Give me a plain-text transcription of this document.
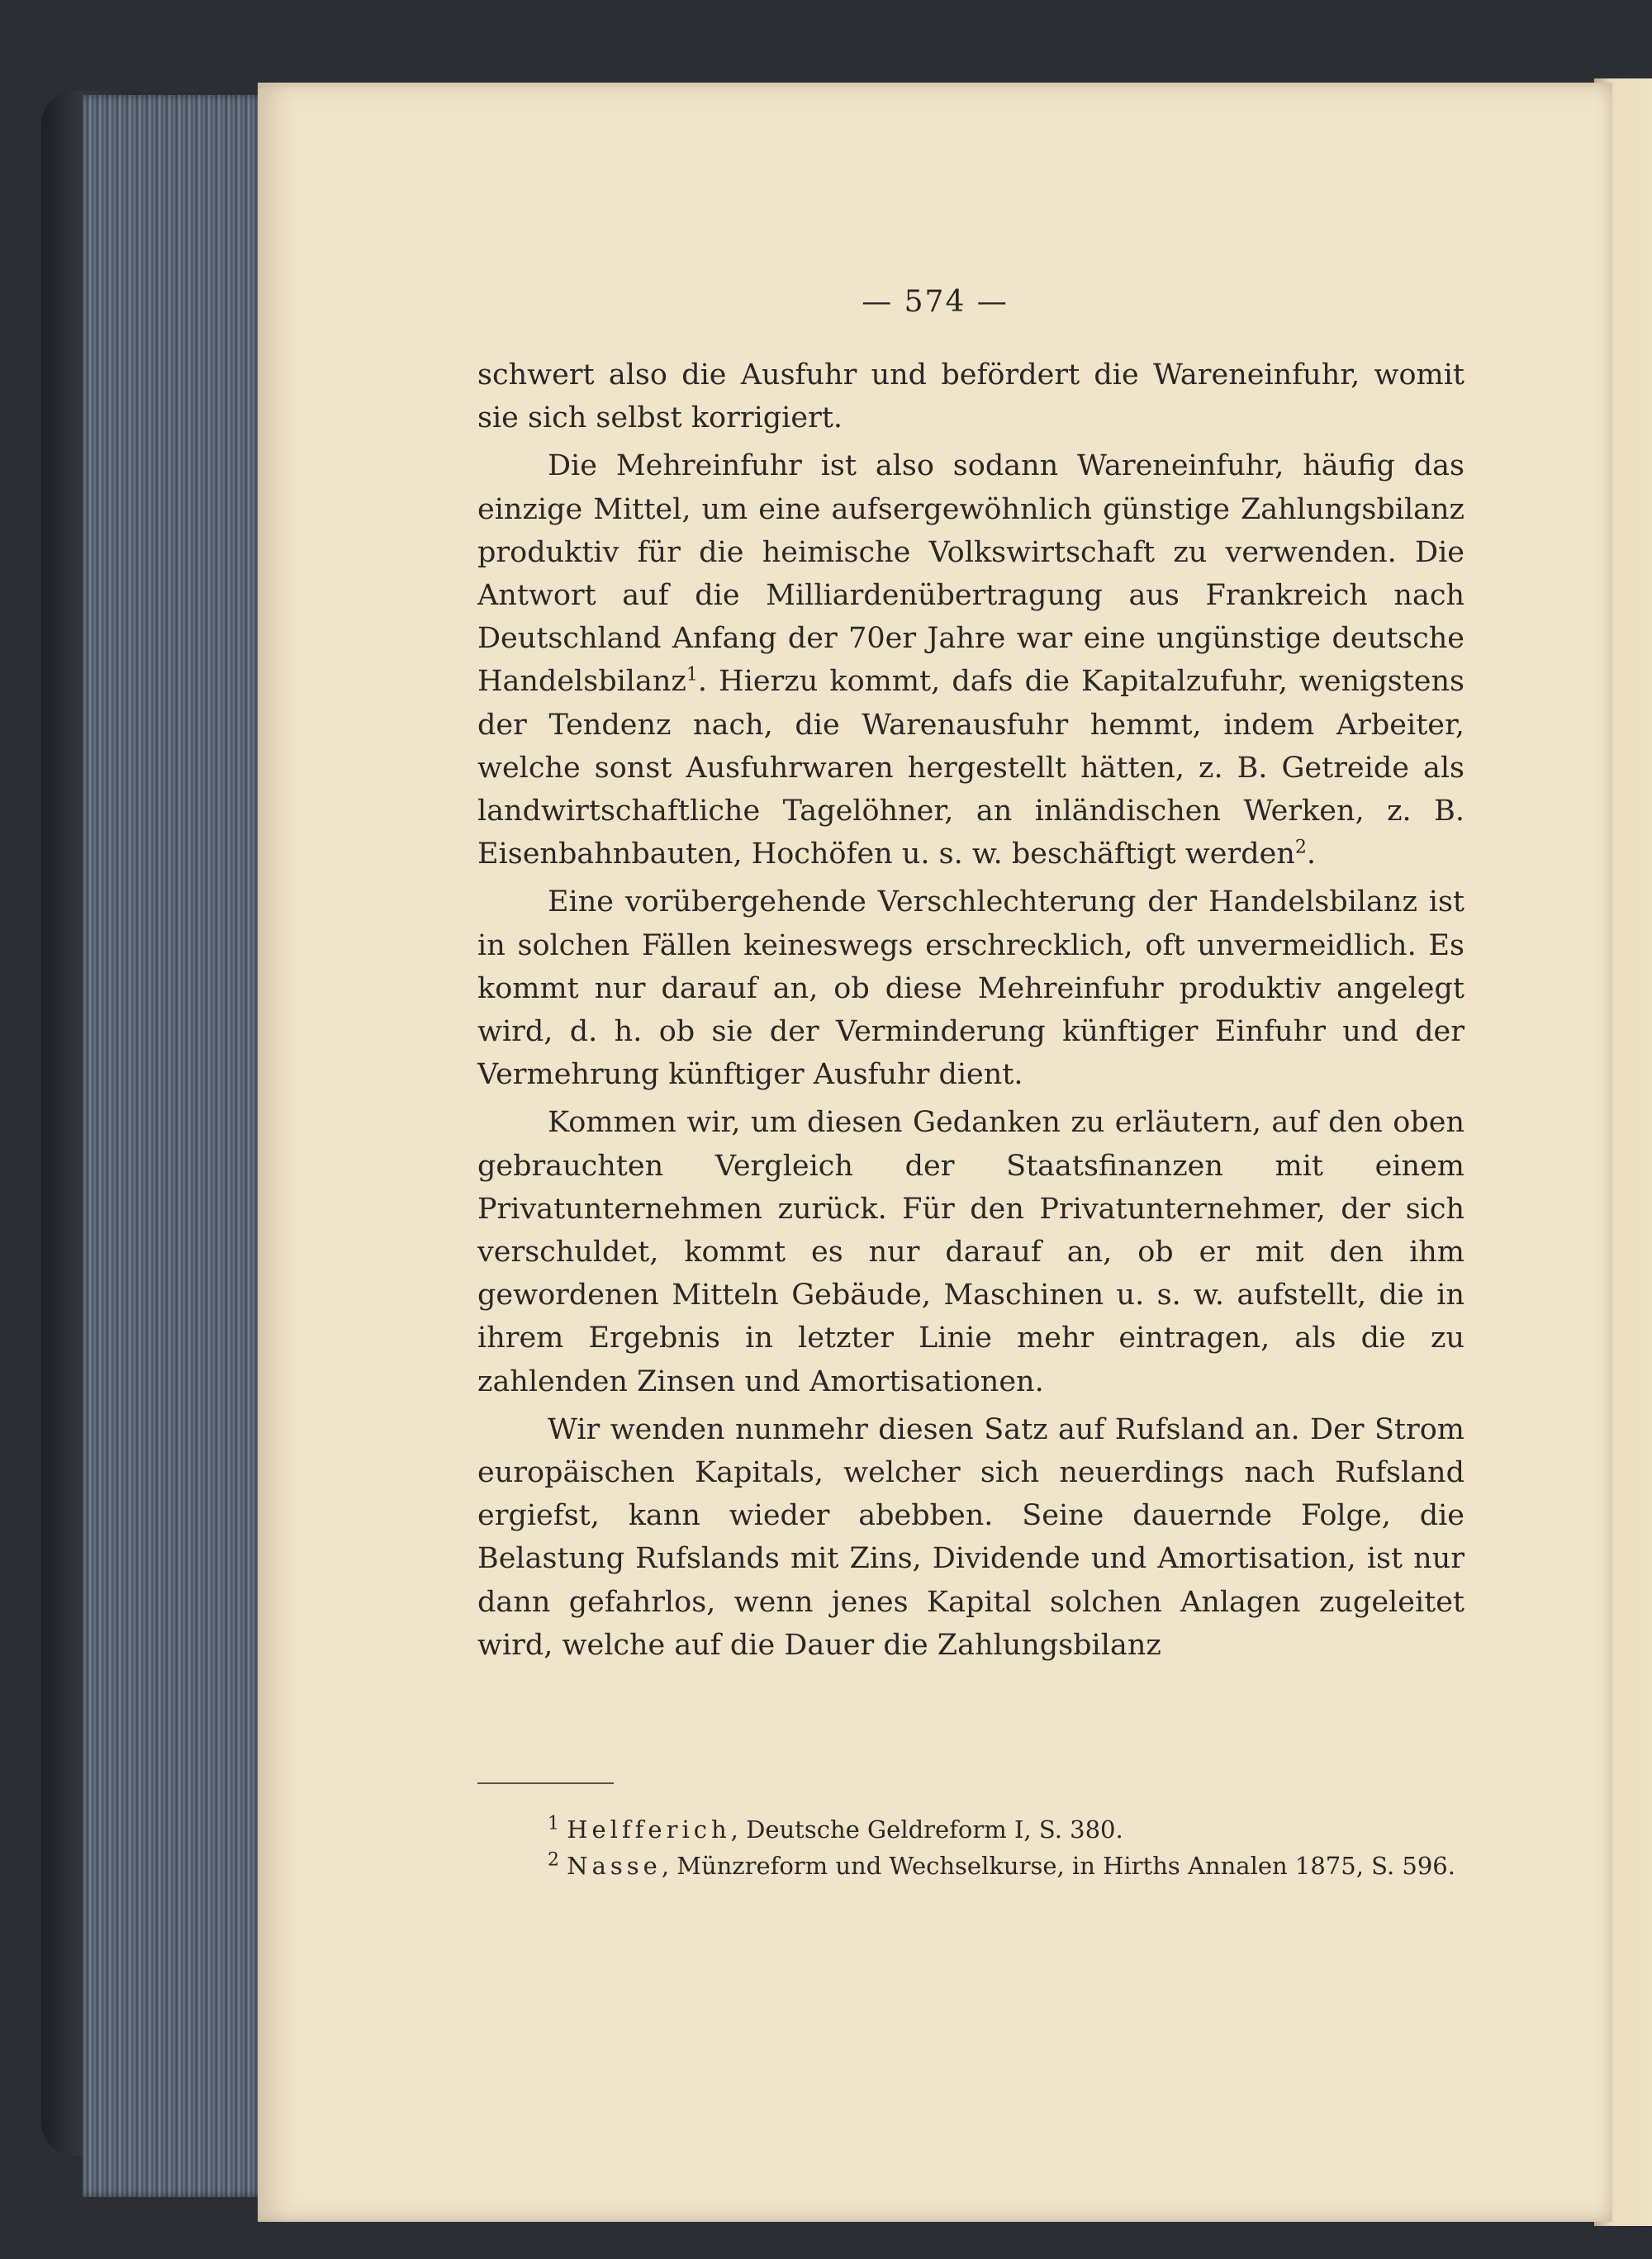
— 574 —

schwert also die Ausfuhr und befördert die Wareneinfuhr, womit sie sich selbst korrigiert.

Die Mehreinfuhr ist also sodann Wareneinfuhr, häufig das einzige Mittel, um eine aufsergewöhnlich günstige Zahlungsbilanz produktiv für die heimische Volkswirtschaft zu verwenden. Die Antwort auf die Milliardenübertragung aus Frankreich nach Deutschland Anfang der 70er Jahre war eine ungünstige deutsche Handelsbilanz$^1$. Hierzu kommt, dafs die Kapitalzufuhr, wenigstens der Tendenz nach, die Warenausfuhr hemmt, indem Arbeiter, welche sonst Ausfuhrwaren hergestellt hätten, z. B. Getreide als landwirtschaftliche Tagelöhner, an inländischen Werken, z. B. Eisenbahnbauten, Hochöfen u. s. w. beschäftigt werden$^2$.

Eine vorübergehende Verschlechterung der Handelsbilanz ist in solchen Fällen keineswegs erschrecklich, oft unvermeidlich. Es kommt nur darauf an, ob diese Mehreinfuhr produktiv angelegt wird, d. h. ob sie der Verminderung künftiger Einfuhr und der Vermehrung künftiger Ausfuhr dient.

Kommen wir, um diesen Gedanken zu erläutern, auf den oben gebrauchten Vergleich der Staatsfinanzen mit einem Privatunternehmen zurück. Für den Privatunternehmer, der sich verschuldet, kommt es nur darauf an, ob er mit den ihm gewordenen Mitteln Gebäude, Maschinen u. s. w. aufstellt, die in ihrem Ergebnis in letzter Linie mehr eintragen, als die zu zahlenden Zinsen und Amortisationen.

Wir wenden nunmehr diesen Satz auf Rufsland an. Der Strom europäischen Kapitals, welcher sich neuerdings nach Rufsland ergiefst, kann wieder abebben. Seine dauernde Folge, die Belastung Rufslands mit Zins, Dividende und Amortisation, ist nur dann gefahrlos, wenn jenes Kapital solchen Anlagen zugeleitet wird, welche auf die Dauer die Zahlungsbilanz

$^1$ Helfferich, Deutsche Geldreform I, S. 380.

$^2$ Nasse, Münzreform und Wechselkurse, in Hirths Annalen 1875, S. 596.
